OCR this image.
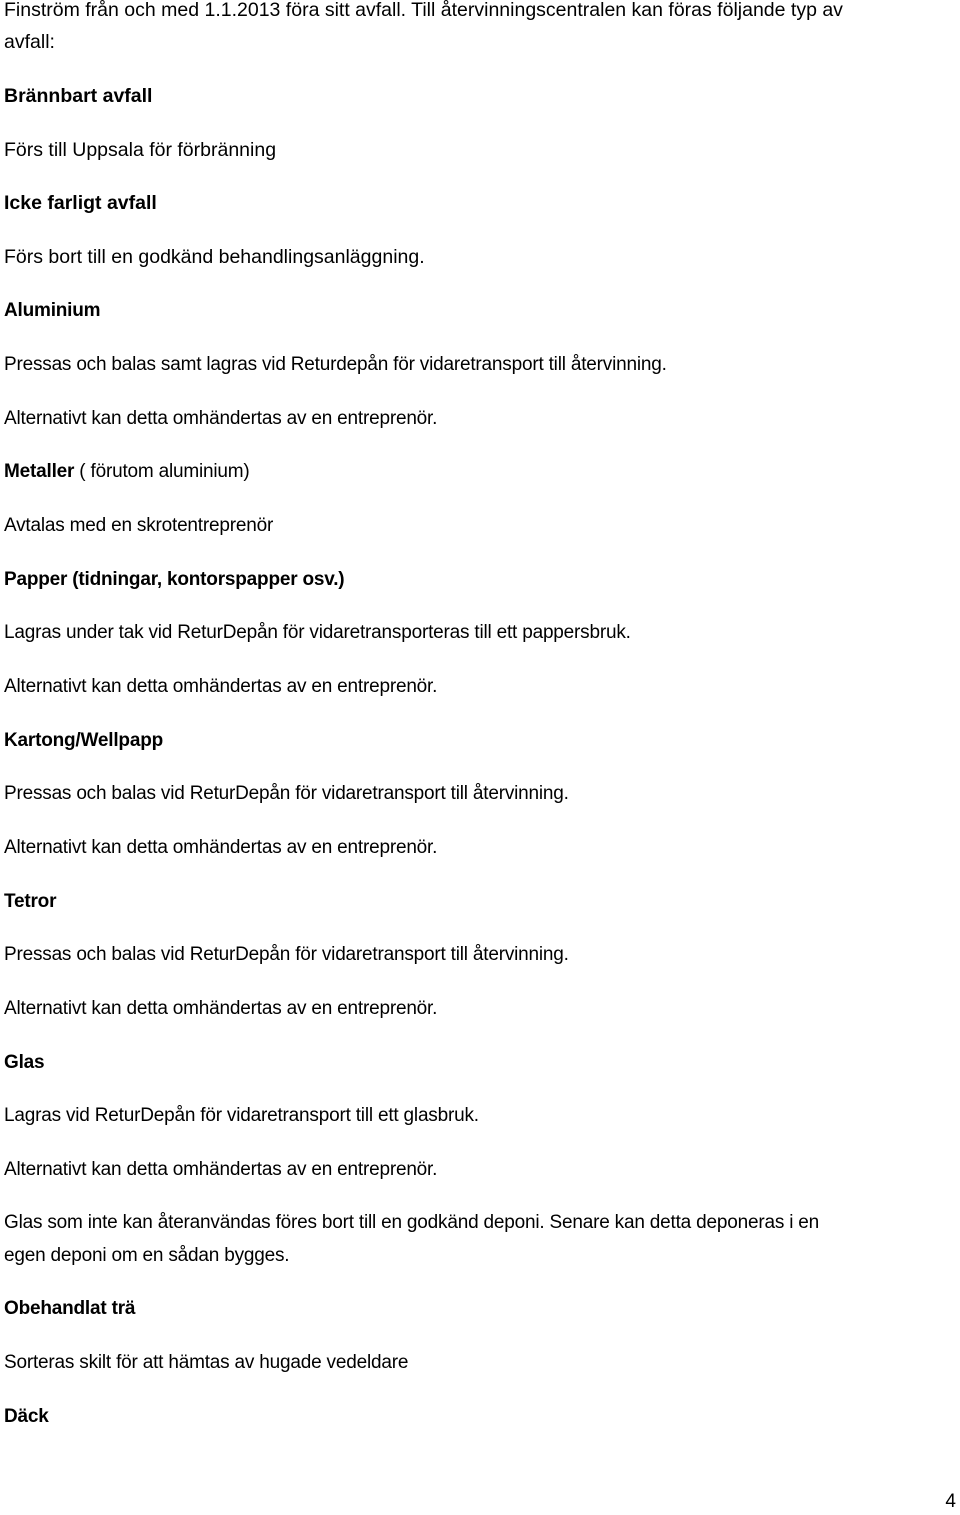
Finström från och med 1.1.2013 föra sitt avfall. Till återvinningscentralen kan föras följande typ av
avfall:
Brännbart avfall
Förs till Uppsala för förbränning
Icke farligt avfall
Förs bort till en godkänd behandlingsanläggning.
Aluminium
Pressas och balas samt lagras vid Returdepån för vidaretransport till återvinning.
Alternativt kan detta omhändertas av en entreprenör.
Metaller ( förutom aluminium)
Avtalas med en skrotentreprenör
Papper (tidningar, kontorspapper osv.)
Lagras under tak vid ReturDepån för vidaretransporteras till ett pappersbruk.
Alternativt kan detta omhändertas av en entreprenör.
Kartong/Wellpapp
Pressas och balas vid ReturDepån för vidaretransport till återvinning.
Alternativt kan detta omhändertas av en entreprenör.
Tetror
Pressas och balas vid ReturDepån för vidaretransport till återvinning.
Alternativt kan detta omhändertas av en entreprenör.
Glas
Lagras vid ReturDepån för vidaretransport till ett glasbruk.
Alternativt kan detta omhändertas av en entreprenör.
Glas som inte kan återanvändas föres bort till en godkänd deponi. Senare kan detta deponeras i en
egen deponi om en sådan bygges.
Obehandlat trä
Sorteras skilt för att hämtas av hugade vedeldare
Däck
4
